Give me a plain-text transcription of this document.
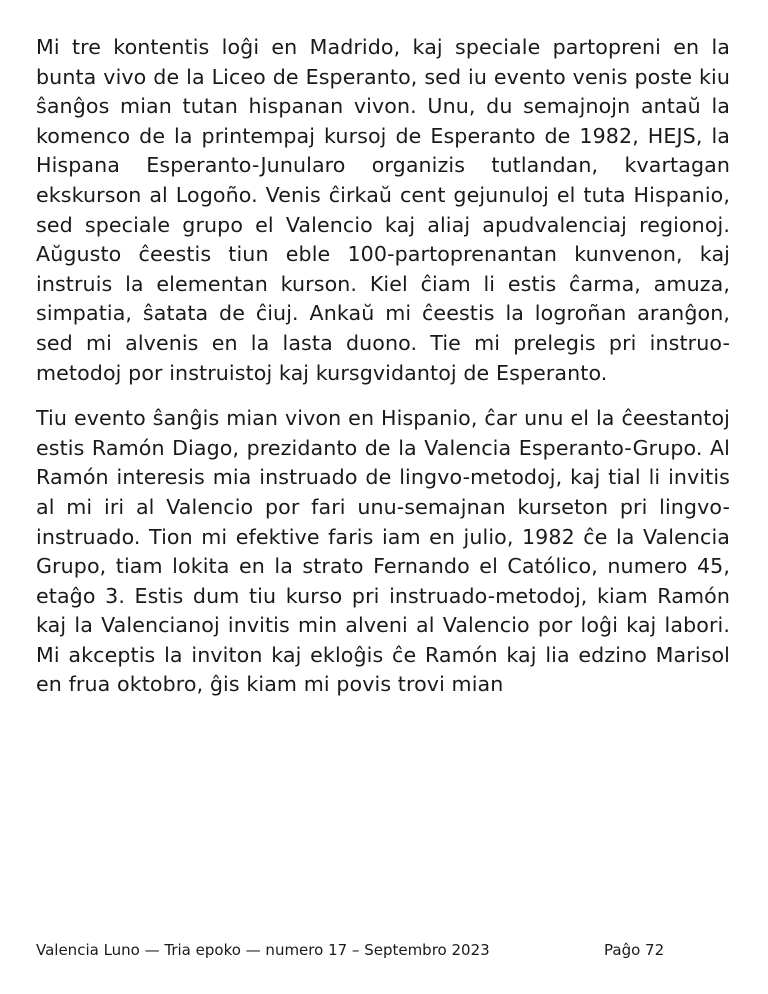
Mi tre kontentis loĝi en Madrido, kaj speciale partopreni en la bunta vivo de la Liceo de Esperanto, sed iu evento venis poste kiu ŝanĝos mian tutan hispanan vivon. Unu, du semajnojn antaŭ la komenco de la printempaj kursoj de Esperanto de 1982, HEJS, la Hispana Esperanto-Junularo organizis tutlandan, kvartagan ekskurson al Logoño. Venis ĉirkaŭ cent gejunuloj el tuta Hispanio, sed speciale grupo el Valencio kaj aliaj apudvalenciaj regionoj. Aŭgusto ĉeestis tiun eble 100-partoprenantan kunvenon, kaj instruis la elementan kurson. Kiel ĉiam li estis ĉarma, amuza, simpatia, ŝatata de ĉiuj. Ankaŭ mi ĉeestis la logroñan aranĝon, sed mi alvenis en la lasta duono. Tie mi prelegis pri instruo-metodoj por instruistoj kaj kursgvidantoj de Esperanto.

Tiu evento ŝanĝis mian vivon en Hispanio, ĉar unu el la ĉeestantoj estis Ramón Diago, prezidanto de la Valencia Esperanto-Grupo. Al Ramón interesis mia instruado de lingvo-metodoj, kaj tial li invitis al mi iri al Valencio por fari unu-semajnan kurseton pri lingvo-instruado. Tion mi efektive faris iam en julio, 1982 ĉe la Valencia Grupo, tiam lokita en la strato Fernando el Católico, numero 45, etaĝo 3. Estis dum tiu kurso pri instruado-metodoj, kiam Ramón kaj la Valencianoj invitis min alveni al Valencio por loĝi kaj labori. Mi akceptis la inviton kaj ekloĝis ĉe Ramón kaj lia edzino Marisol en frua oktobro, ĝis kiam mi povis trovi mian

Valencia Luno — Tria epoko — numero 17 – Septembro 2023	Paĝo 72
